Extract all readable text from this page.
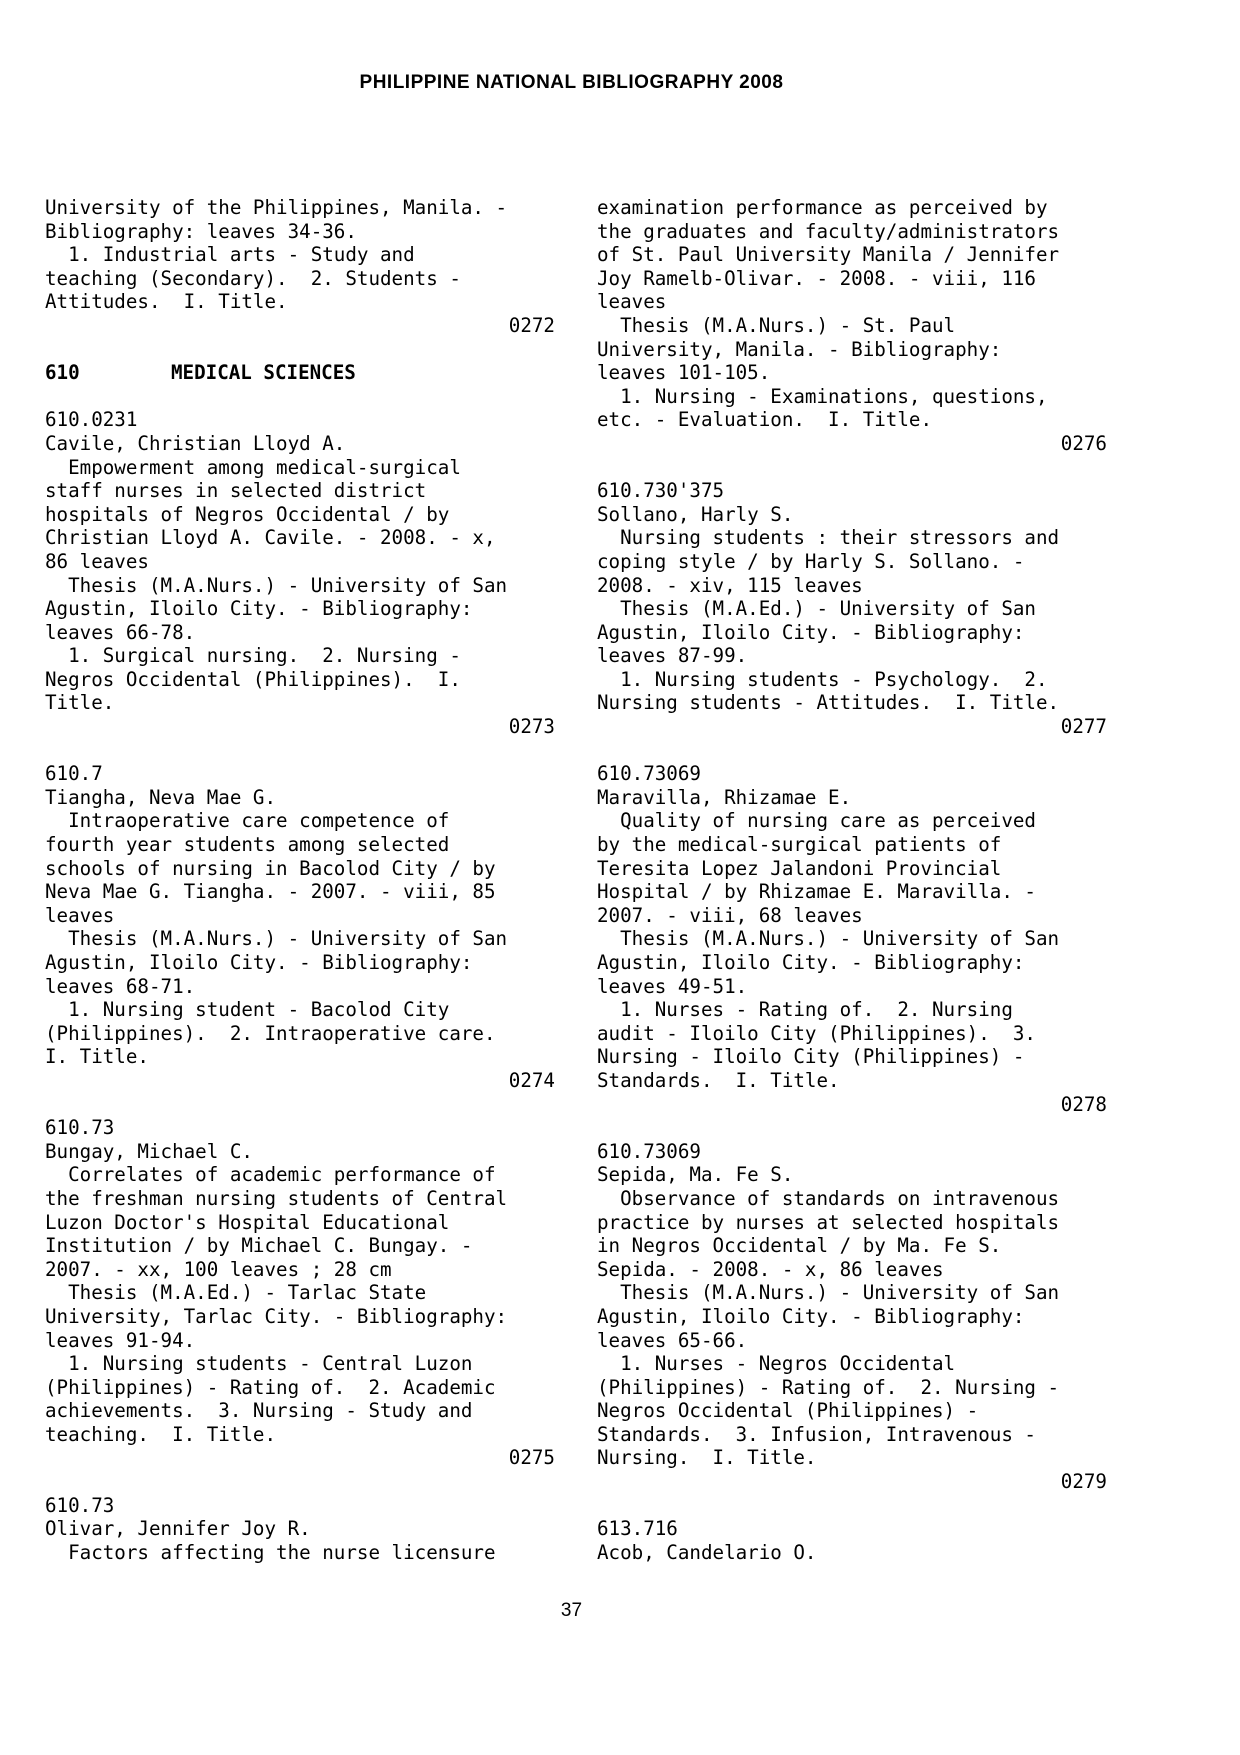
PHILIPPINE NATIONAL BIBLIOGRAPHY 2008
University of the Philippines, Manila. -
Bibliography: leaves 34-36.
1. Industrial arts - Study and
teaching (Secondary).  2. Students -
Attitudes.  I. Title.
0272
610	MEDICAL SCIENCES
610.0231
Cavile, Christian Lloyd A.
Empowerment among medical-surgical
staff nurses in selected district
hospitals of Negros Occidental / by
Christian Lloyd A. Cavile. - 2008. - x,
86 leaves
Thesis (M.A.Nurs.) - University of San
Agustin, Iloilo City. - Bibliography:
leaves 66-78.
1. Surgical nursing.  2. Nursing -
Negros Occidental (Philippines).  I.
Title.
0273
610.7
Tiangha, Neva Mae G.
Intraoperative care competence of
fourth year students among selected
schools of nursing in Bacolod City / by
Neva Mae G. Tiangha. - 2007. - viii, 85
leaves
Thesis (M.A.Nurs.) - University of San
Agustin, Iloilo City. - Bibliography:
leaves 68-71.
1. Nursing student - Bacolod City
(Philippines).  2. Intraoperative care.
I. Title.
0274
610.73
Bungay, Michael C.
Correlates of academic performance of
the freshman nursing students of Central
Luzon Doctor's Hospital Educational
Institution / by Michael C. Bungay. -
2007. - xx, 100 leaves ; 28 cm
Thesis (M.A.Ed.) - Tarlac State
University, Tarlac City. - Bibliography:
leaves 91-94.
1. Nursing students - Central Luzon
(Philippines) - Rating of.  2. Academic
achievements.  3. Nursing - Study and
teaching.  I. Title.
0275
610.73
Olivar, Jennifer Joy R.
Factors affecting the nurse licensure
examination performance as perceived by
the graduates and faculty/administrators
of St. Paul University Manila / Jennifer
Joy Ramelb-Olivar. - 2008. - viii, 116
leaves
Thesis (M.A.Nurs.) - St. Paul
University, Manila. - Bibliography:
leaves 101-105.
1. Nursing - Examinations, questions,
etc. - Evaluation.  I. Title.
0276
610.730'375
Sollano, Harly S.
Nursing students : their stressors and
coping style / by Harly S. Sollano. -
2008. - xiv, 115 leaves
Thesis (M.A.Ed.) - University of San
Agustin, Iloilo City. - Bibliography:
leaves 87-99.
1. Nursing students - Psychology.  2.
Nursing students - Attitudes.  I. Title.
0277
610.73069
Maravilla, Rhizamae E.
Quality of nursing care as perceived
by the medical-surgical patients of
Teresita Lopez Jalandoni Provincial
Hospital / by Rhizamae E. Maravilla. -
2007. - viii, 68 leaves
Thesis (M.A.Nurs.) - University of San
Agustin, Iloilo City. - Bibliography:
leaves 49-51.
1. Nurses - Rating of.  2. Nursing
audit - Iloilo City (Philippines).  3.
Nursing - Iloilo City (Philippines) -
Standards.  I. Title.
0278
610.73069
Sepida, Ma. Fe S.
Observance of standards on intravenous
practice by nurses at selected hospitals
in Negros Occidental / by Ma. Fe S.
Sepida. - 2008. - x, 86 leaves
Thesis (M.A.Nurs.) - University of San
Agustin, Iloilo City. - Bibliography:
leaves 65-66.
1. Nurses - Negros Occidental
(Philippines) - Rating of.  2. Nursing -
Negros Occidental (Philippines) -
Standards.  3. Infusion, Intravenous -
Nursing.  I. Title.
0279
613.716
Acob, Candelario O.
37
